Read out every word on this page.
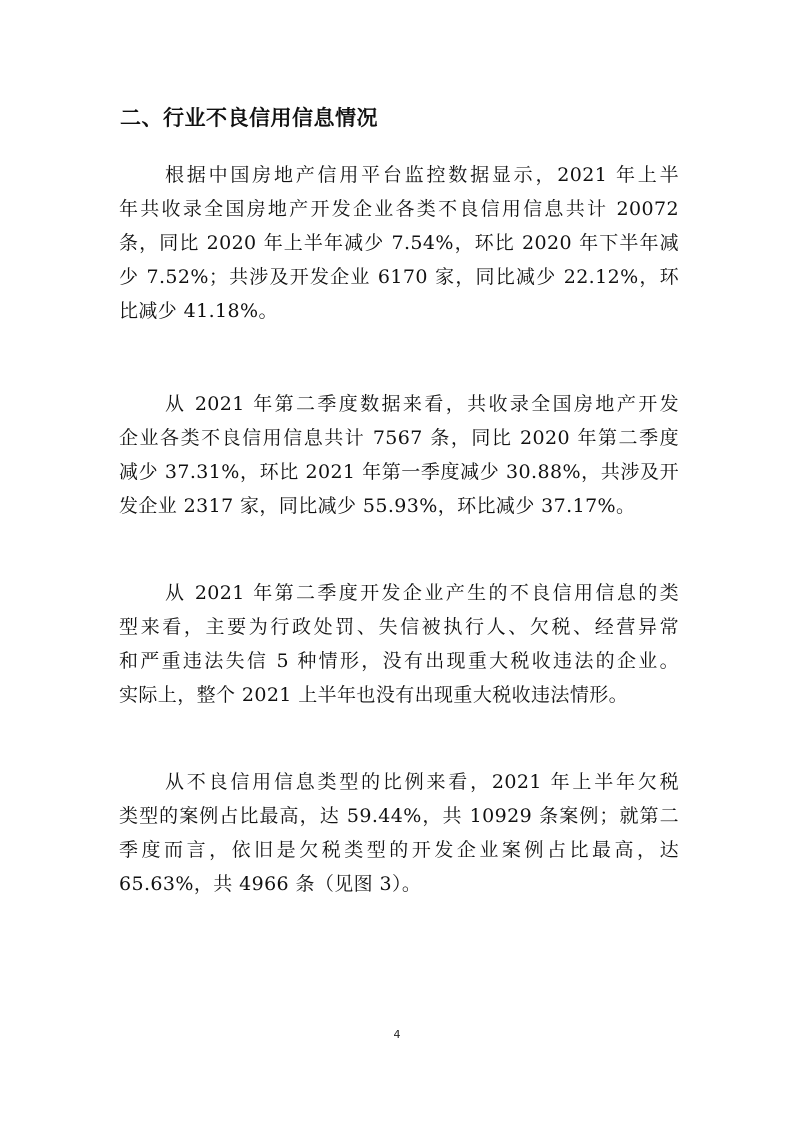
二、行业不良信用信息情况
根据中国房地产信用平台监控数据显示，2021 年上半
年共收录全国房地产开发企业各类不良信用信息共计 20072
条，同比 2020 年上半年减少 7.54%，环比 2020 年下半年减
少 7.52%；共涉及开发企业 6170 家，同比减少 22.12%，环
比减少 41.18%。
从 2021 年第二季度数据来看，共收录全国房地产开发
企业各类不良信用信息共计 7567 条，同比 2020 年第二季度
减少 37.31%，环比 2021 年第一季度减少 30.88%，共涉及开
发企业 2317 家，同比减少 55.93%，环比减少 37.17%。
从 2021 年第二季度开发企业产生的不良信用信息的类
型来看，主要为行政处罚、失信被执行人、欠税、经营异常
和严重违法失信 5 种情形，没有出现重大税收违法的企业。
实际上，整个 2021 上半年也没有出现重大税收违法情形。
从不良信用信息类型的比例来看，2021 年上半年欠税
类型的案例占比最高，达 59.44%，共 10929 条案例；就第二
季度而言，依旧是欠税类型的开发企业案例占比最高，达
65.63%，共 4966 条（见图 3）。
4
